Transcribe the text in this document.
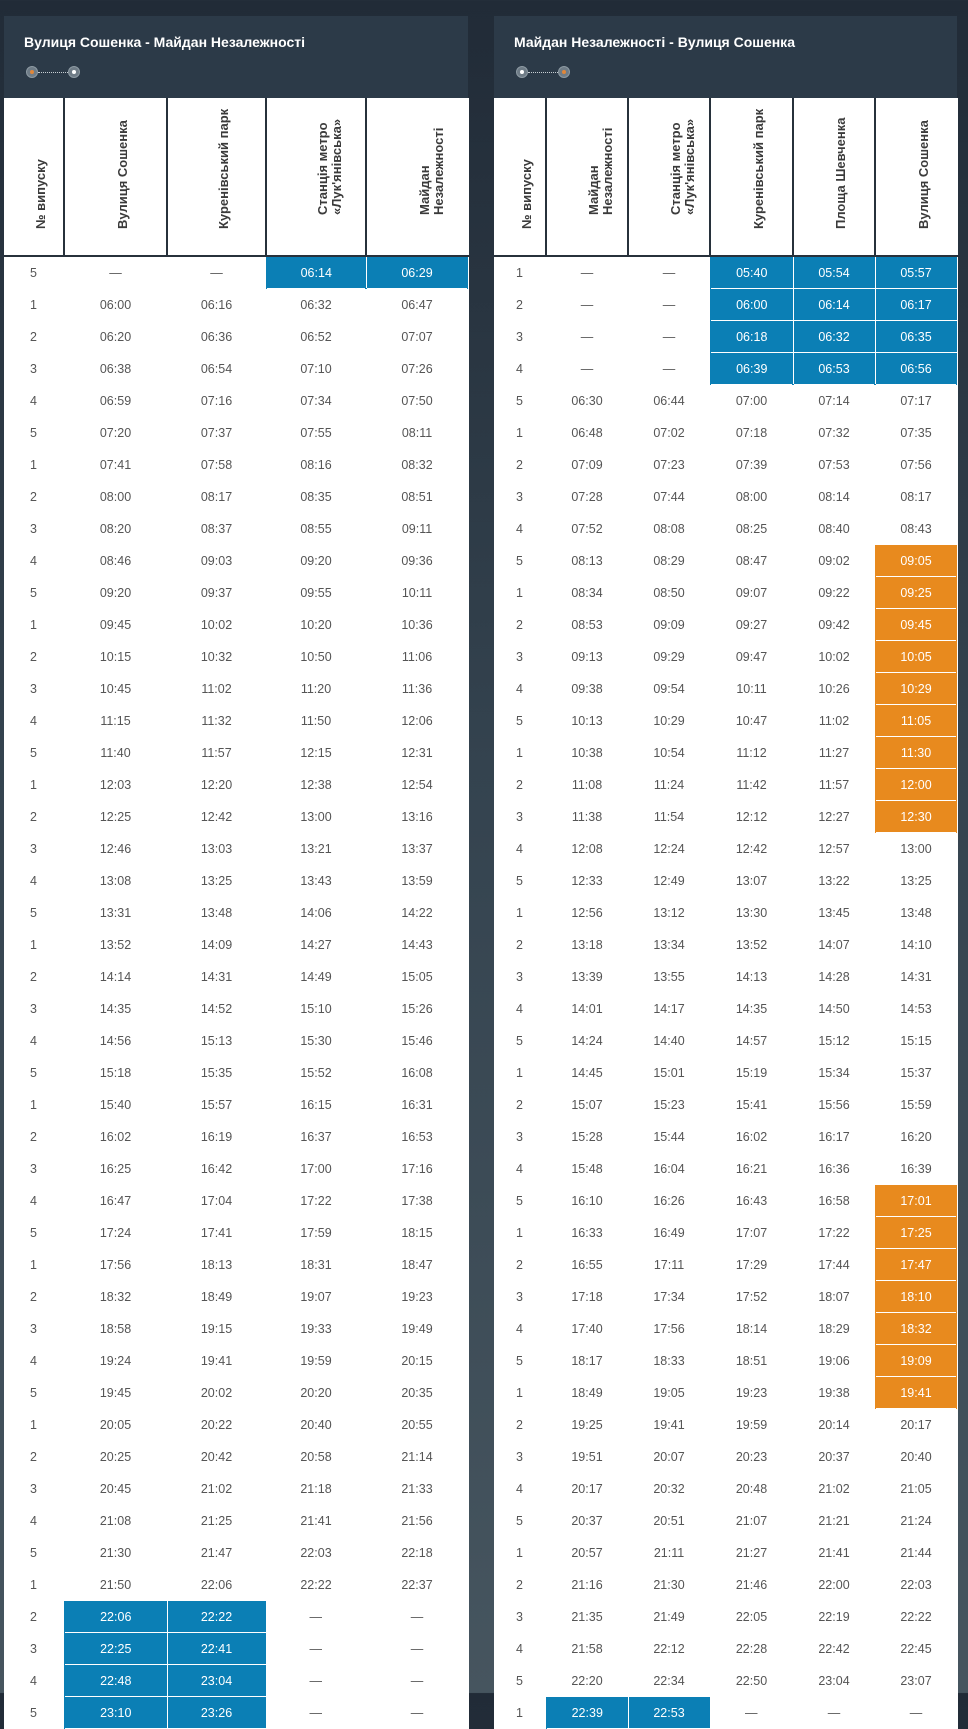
Вулиця Сошенка - Майдан Незалежності
№ випуску	Вулиця Сошенка	Куренівський парк	Станція метро «Лук'янівська»	Майдан Незалежності

5	—	—	06:14	06:29
1	06:00	06:16	06:32	06:47
2	06:20	06:36	06:52	07:07
3	06:38	06:54	07:10	07:26
4	06:59	07:16	07:34	07:50
5	07:20	07:37	07:55	08:11
1	07:41	07:58	08:16	08:32
2	08:00	08:17	08:35	08:51
3	08:20	08:37	08:55	09:11
4	08:46	09:03	09:20	09:36
5	09:20	09:37	09:55	10:11
1	09:45	10:02	10:20	10:36
2	10:15	10:32	10:50	11:06
3	10:45	11:02	11:20	11:36
4	11:15	11:32	11:50	12:06
5	11:40	11:57	12:15	12:31
1	12:03	12:20	12:38	12:54
2	12:25	12:42	13:00	13:16
3	12:46	13:03	13:21	13:37
4	13:08	13:25	13:43	13:59
5	13:31	13:48	14:06	14:22
1	13:52	14:09	14:27	14:43
2	14:14	14:31	14:49	15:05
3	14:35	14:52	15:10	15:26
4	14:56	15:13	15:30	15:46
5	15:18	15:35	15:52	16:08
1	15:40	15:57	16:15	16:31
2	16:02	16:19	16:37	16:53
3	16:25	16:42	17:00	17:16
4	16:47	17:04	17:22	17:38
5	17:24	17:41	17:59	18:15
1	17:56	18:13	18:31	18:47
2	18:32	18:49	19:07	19:23
3	18:58	19:15	19:33	19:49
4	19:24	19:41	19:59	20:15
5	19:45	20:02	20:20	20:35
1	20:05	20:22	20:40	20:55
2	20:25	20:42	20:58	21:14
3	20:45	21:02	21:18	21:33
4	21:08	21:25	21:41	21:56
5	21:30	21:47	22:03	22:18
1	21:50	22:06	22:22	22:37
2	22:06	22:22	—	—
3	22:25	22:41	—	—
4	22:48	23:04	—	—
5	23:10	23:26	—	—
Майдан Незалежності - Вулиця Сошенка
№ випуску	Майдан Незалежності	Станція метро «Лук'янівська»	Куренівський парк	Площа Шевченка	Вулиця Сошенка

1	—	—	05:40	05:54	05:57
2	—	—	06:00	06:14	06:17
3	—	—	06:18	06:32	06:35
4	—	—	06:39	06:53	06:56
5	06:30	06:44	07:00	07:14	07:17
1	06:48	07:02	07:18	07:32	07:35
2	07:09	07:23	07:39	07:53	07:56
3	07:28	07:44	08:00	08:14	08:17
4	07:52	08:08	08:25	08:40	08:43
5	08:13	08:29	08:47	09:02	09:05
1	08:34	08:50	09:07	09:22	09:25
2	08:53	09:09	09:27	09:42	09:45
3	09:13	09:29	09:47	10:02	10:05
4	09:38	09:54	10:11	10:26	10:29
5	10:13	10:29	10:47	11:02	11:05
1	10:38	10:54	11:12	11:27	11:30
2	11:08	11:24	11:42	11:57	12:00
3	11:38	11:54	12:12	12:27	12:30
4	12:08	12:24	12:42	12:57	13:00
5	12:33	12:49	13:07	13:22	13:25
1	12:56	13:12	13:30	13:45	13:48
2	13:18	13:34	13:52	14:07	14:10
3	13:39	13:55	14:13	14:28	14:31
4	14:01	14:17	14:35	14:50	14:53
5	14:24	14:40	14:57	15:12	15:15
1	14:45	15:01	15:19	15:34	15:37
2	15:07	15:23	15:41	15:56	15:59
3	15:28	15:44	16:02	16:17	16:20
4	15:48	16:04	16:21	16:36	16:39
5	16:10	16:26	16:43	16:58	17:01
1	16:33	16:49	17:07	17:22	17:25
2	16:55	17:11	17:29	17:44	17:47
3	17:18	17:34	17:52	18:07	18:10
4	17:40	17:56	18:14	18:29	18:32
5	18:17	18:33	18:51	19:06	19:09
1	18:49	19:05	19:23	19:38	19:41
2	19:25	19:41	19:59	20:14	20:17
3	19:51	20:07	20:23	20:37	20:40
4	20:17	20:32	20:48	21:02	21:05
5	20:37	20:51	21:07	21:21	21:24
1	20:57	21:11	21:27	21:41	21:44
2	21:16	21:30	21:46	22:00	22:03
3	21:35	21:49	22:05	22:19	22:22
4	21:58	22:12	22:28	22:42	22:45
5	22:20	22:34	22:50	23:04	23:07
1	22:39	22:53	—	—	—
